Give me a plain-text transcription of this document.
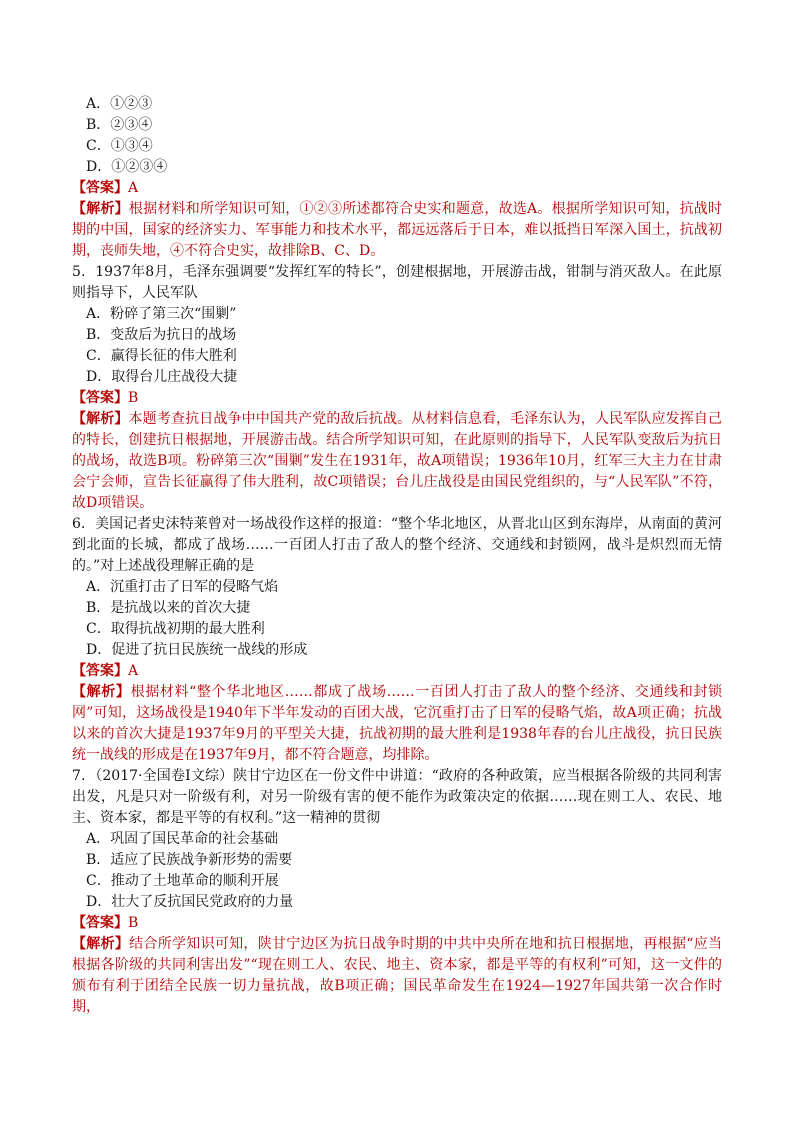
A．①②③
B．②③④
C．①③④
D．①②③④
【答案】A
【解析】根据材料和所学知识可知，①②③所述都符合史实和题意，故选A。根据所学知识可知，抗战时期的中国，国家的经济实力、军事能力和技术水平，都远远落后于日本，难以抵挡日军深入国土，抗战初期，丧师失地，④不符合史实，故排除B、C、D。
5．1937年8月，毛泽东强调要“发挥红军的特长”，创建根据地，开展游击战，钳制与消灭敌人。在此原则指导下，人民军队
A．粉碎了第三次“围剿”
B．变敌后为抗日的战场
C．赢得长征的伟大胜利
D．取得台儿庄战役大捷
【答案】B
【解析】本题考查抗日战争中中国共产党的敌后抗战。从材料信息看，毛泽东认为，人民军队应发挥自己的特长，创建抗日根据地，开展游击战。结合所学知识可知，在此原则的指导下，人民军队变敌后为抗日的战场，故选B项。粉碎第三次“围剿”发生在1931年，故A项错误；1936年10月，红军三大主力在甘肃会宁会师，宣告长征赢得了伟大胜利，故C项错误；台儿庄战役是由国民党组织的，与“人民军队”不符，故D项错误。
6．美国记者史沫特莱曾对一场战役作这样的报道：“整个华北地区，从晋北山区到东海岸，从南面的黄河到北面的长城，都成了战场……一百团人打击了敌人的整个经济、交通线和封锁网，战斗是炽烈而无情的。”对上述战役理解正确的是
A．沉重打击了日军的侵略气焰
B．是抗战以来的首次大捷
C．取得抗战初期的最大胜利
D．促进了抗日民族统一战线的形成
【答案】A
【解析】根据材料“整个华北地区……都成了战场……一百团人打击了敌人的整个经济、交通线和封锁网”可知，这场战役是1940年下半年发动的百团大战，它沉重打击了日军的侵略气焰，故A项正确；抗战以来的首次大捷是1937年9月的平型关大捷，抗战初期的最大胜利是1938年春的台儿庄战役，抗日民族统一战线的形成是在1937年9月，都不符合题意，均排除。
7．（2017·全国卷Ⅰ文综）陕甘宁边区在一份文件中讲道：“政府的各种政策，应当根据各阶级的共同利害出发，凡是只对一阶级有利，对另一阶级有害的便不能作为政策决定的依据……现在则工人、农民、地主、资本家，都是平等的有权利。”这一精神的贯彻
A．巩固了国民革命的社会基础
B．适应了民族战争新形势的需要
C．推动了土地革命的顺利开展
D．壮大了反抗国民党政府的力量
【答案】B
【解析】结合所学知识可知，陕甘宁边区为抗日战争时期的中共中央所在地和抗日根据地，再根据“应当根据各阶级的共同利害出发”“现在则工人、农民、地主、资本家，都是平等的有权利”可知，这一文件的颁布有利于团结全民族一切力量抗战，故B项正确；国民革命发生在1924—1927年国共第一次合作时期，
